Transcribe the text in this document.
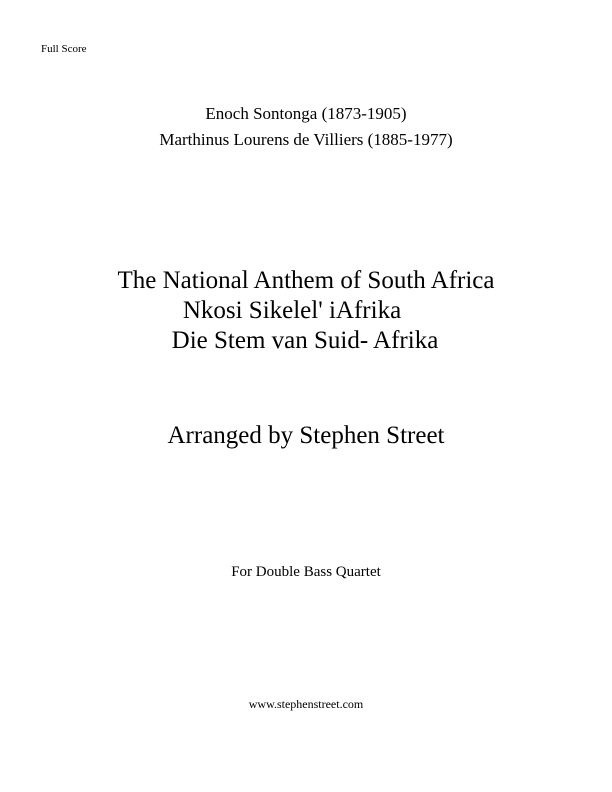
Full Score
Enoch Sontonga (1873-1905)
Marthinus Lourens de Villiers (1885-1977)
The National Anthem of South Africa
Nkosi Sikelel' iAfrika
Die Stem van Suid- Afrika
Arranged by Stephen Street
For Double Bass Quartet
www.stephenstreet.com
